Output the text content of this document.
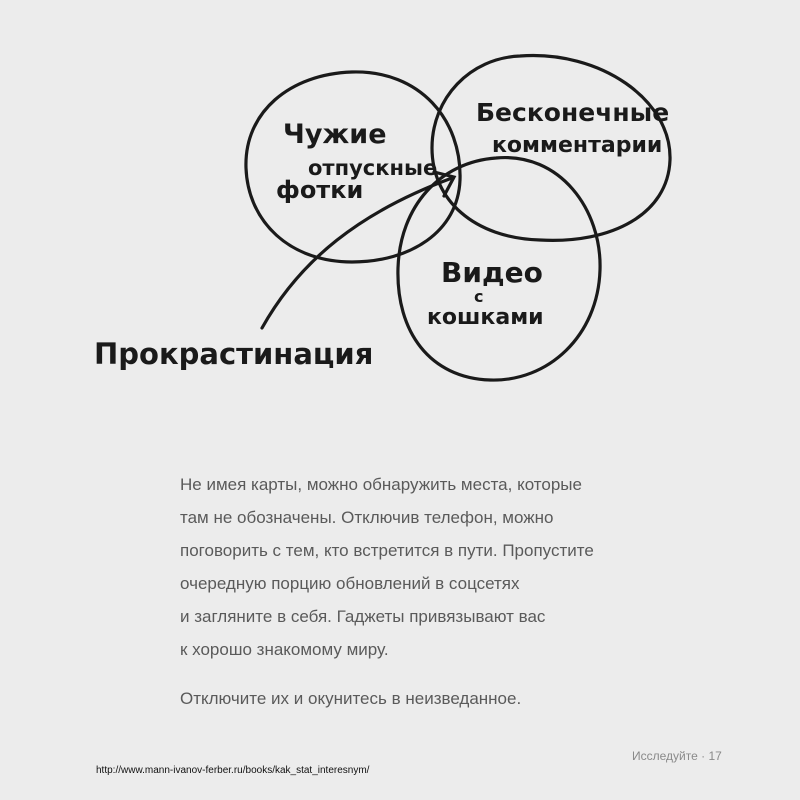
Чужие отпускные фотки
Бесконечные комментарии
Видео с кошками
Прокрастинация

Не имея карты, можно обнаружить места, которые
там не обозначены. Отключив телефон, можно
поговорить с тем, кто встретится в пути. Пропустите
очередную порцию обновлений в соцсетях
и загляните в себя. Гаджеты привязывают вас
к хорошо знакомому миру.

Отключите их и окунитесь в неизведанное.

Исследуйте · 17
http://www.mann-ivanov-ferber.ru/books/kak_stat_interesnym/
